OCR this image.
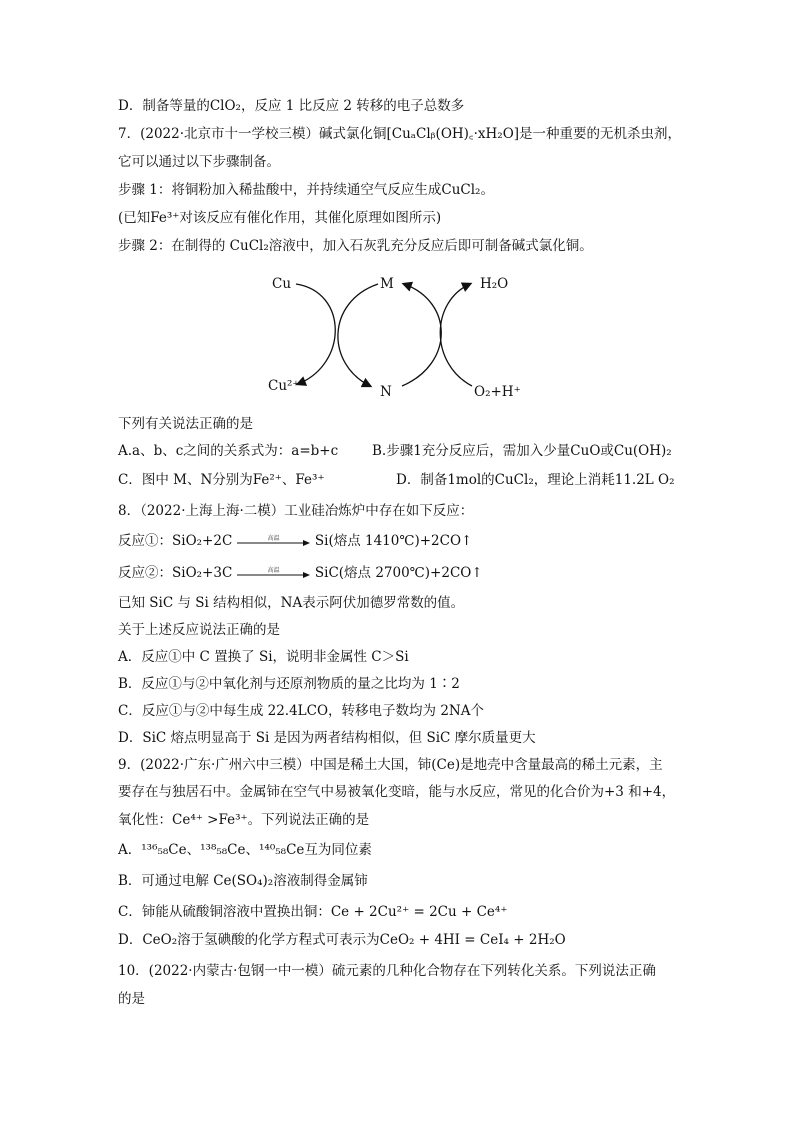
D．制备等量的ClO₂，反应 1 比反应 2 转移的电子总数多
7．(2022·北京市十一学校三模）碱式氯化铜[CuₐClᵦ(OH)꜀·xH₂O]是一种重要的无机杀虫剂，
它可以通过以下步骤制备。
步骤 1：将铜粉加入稀盐酸中，并持续通空气反应生成CuCl₂。
(已知Fe³⁺对该反应有催化作用，其催化原理如图所示)
步骤 2：在制得的 CuCl₂溶液中，加入石灰乳充分反应后即可制备碱式氯化铜。
Cu
Cu²⁺
M
N
H₂O
O₂+H⁺
下列有关说法正确的是
A.a、b、c之间的关系式为：a=b+c	B.步骤1充分反应后，需加入少量CuO或Cu(OH)₂
C．图中 M、N分别为Fe²⁺、Fe³⁺	D．制备1mol的CuCl₂，理论上消耗11.2L O₂
8．（2022·上海上海·二模）工业硅冶炼炉中存在如下反应：
反应①：SiO₂+2C	高温	Si(熔点 1410℃)+2CO↑
反应②：SiO₂+3C	高温	SiC(熔点 2700℃)+2CO↑
已知 SiC 与 Si 结构相似，NA表示阿伏加德罗常数的值。
关于上述反应说法正确的是
A．反应①中 C 置换了 Si，说明非金属性 C＞Si
B．反应①与②中氧化剂与还原剂物质的量之比均为 1∶2
C．反应①与②中每生成 22.4LCO，转移电子数均为 2NA个
D．SiC 熔点明显高于 Si 是因为两者结构相似，但 SiC 摩尔质量更大
9．(2022·广东·广州六中三模）中国是稀土大国，铈(Ce)是地壳中含量最高的稀土元素，主
要存在与独居石中。金属铈在空气中易被氧化变暗，能与水反应，常见的化合价为+3 和+4，
氧化性：Ce⁴⁺ >Fe³⁺。下列说法正确的是
A．¹³⁶₅₈Ce、¹³⁸₅₈Ce、¹⁴⁰₅₈Ce互为同位素
B．可通过电解 Ce(SO₄)₂溶液制得金属铈
C．铈能从硫酸铜溶液中置换出铜：Ce + 2Cu²⁺ = 2Cu + Ce⁴⁺
D．CeO₂溶于氢碘酸的化学方程式可表示为CeO₂ + 4HI = CeI₄ + 2H₂O
10．(2022·内蒙古·包钢一中一模）硫元素的几种化合物存在下列转化关系。下列说法正确
的是
